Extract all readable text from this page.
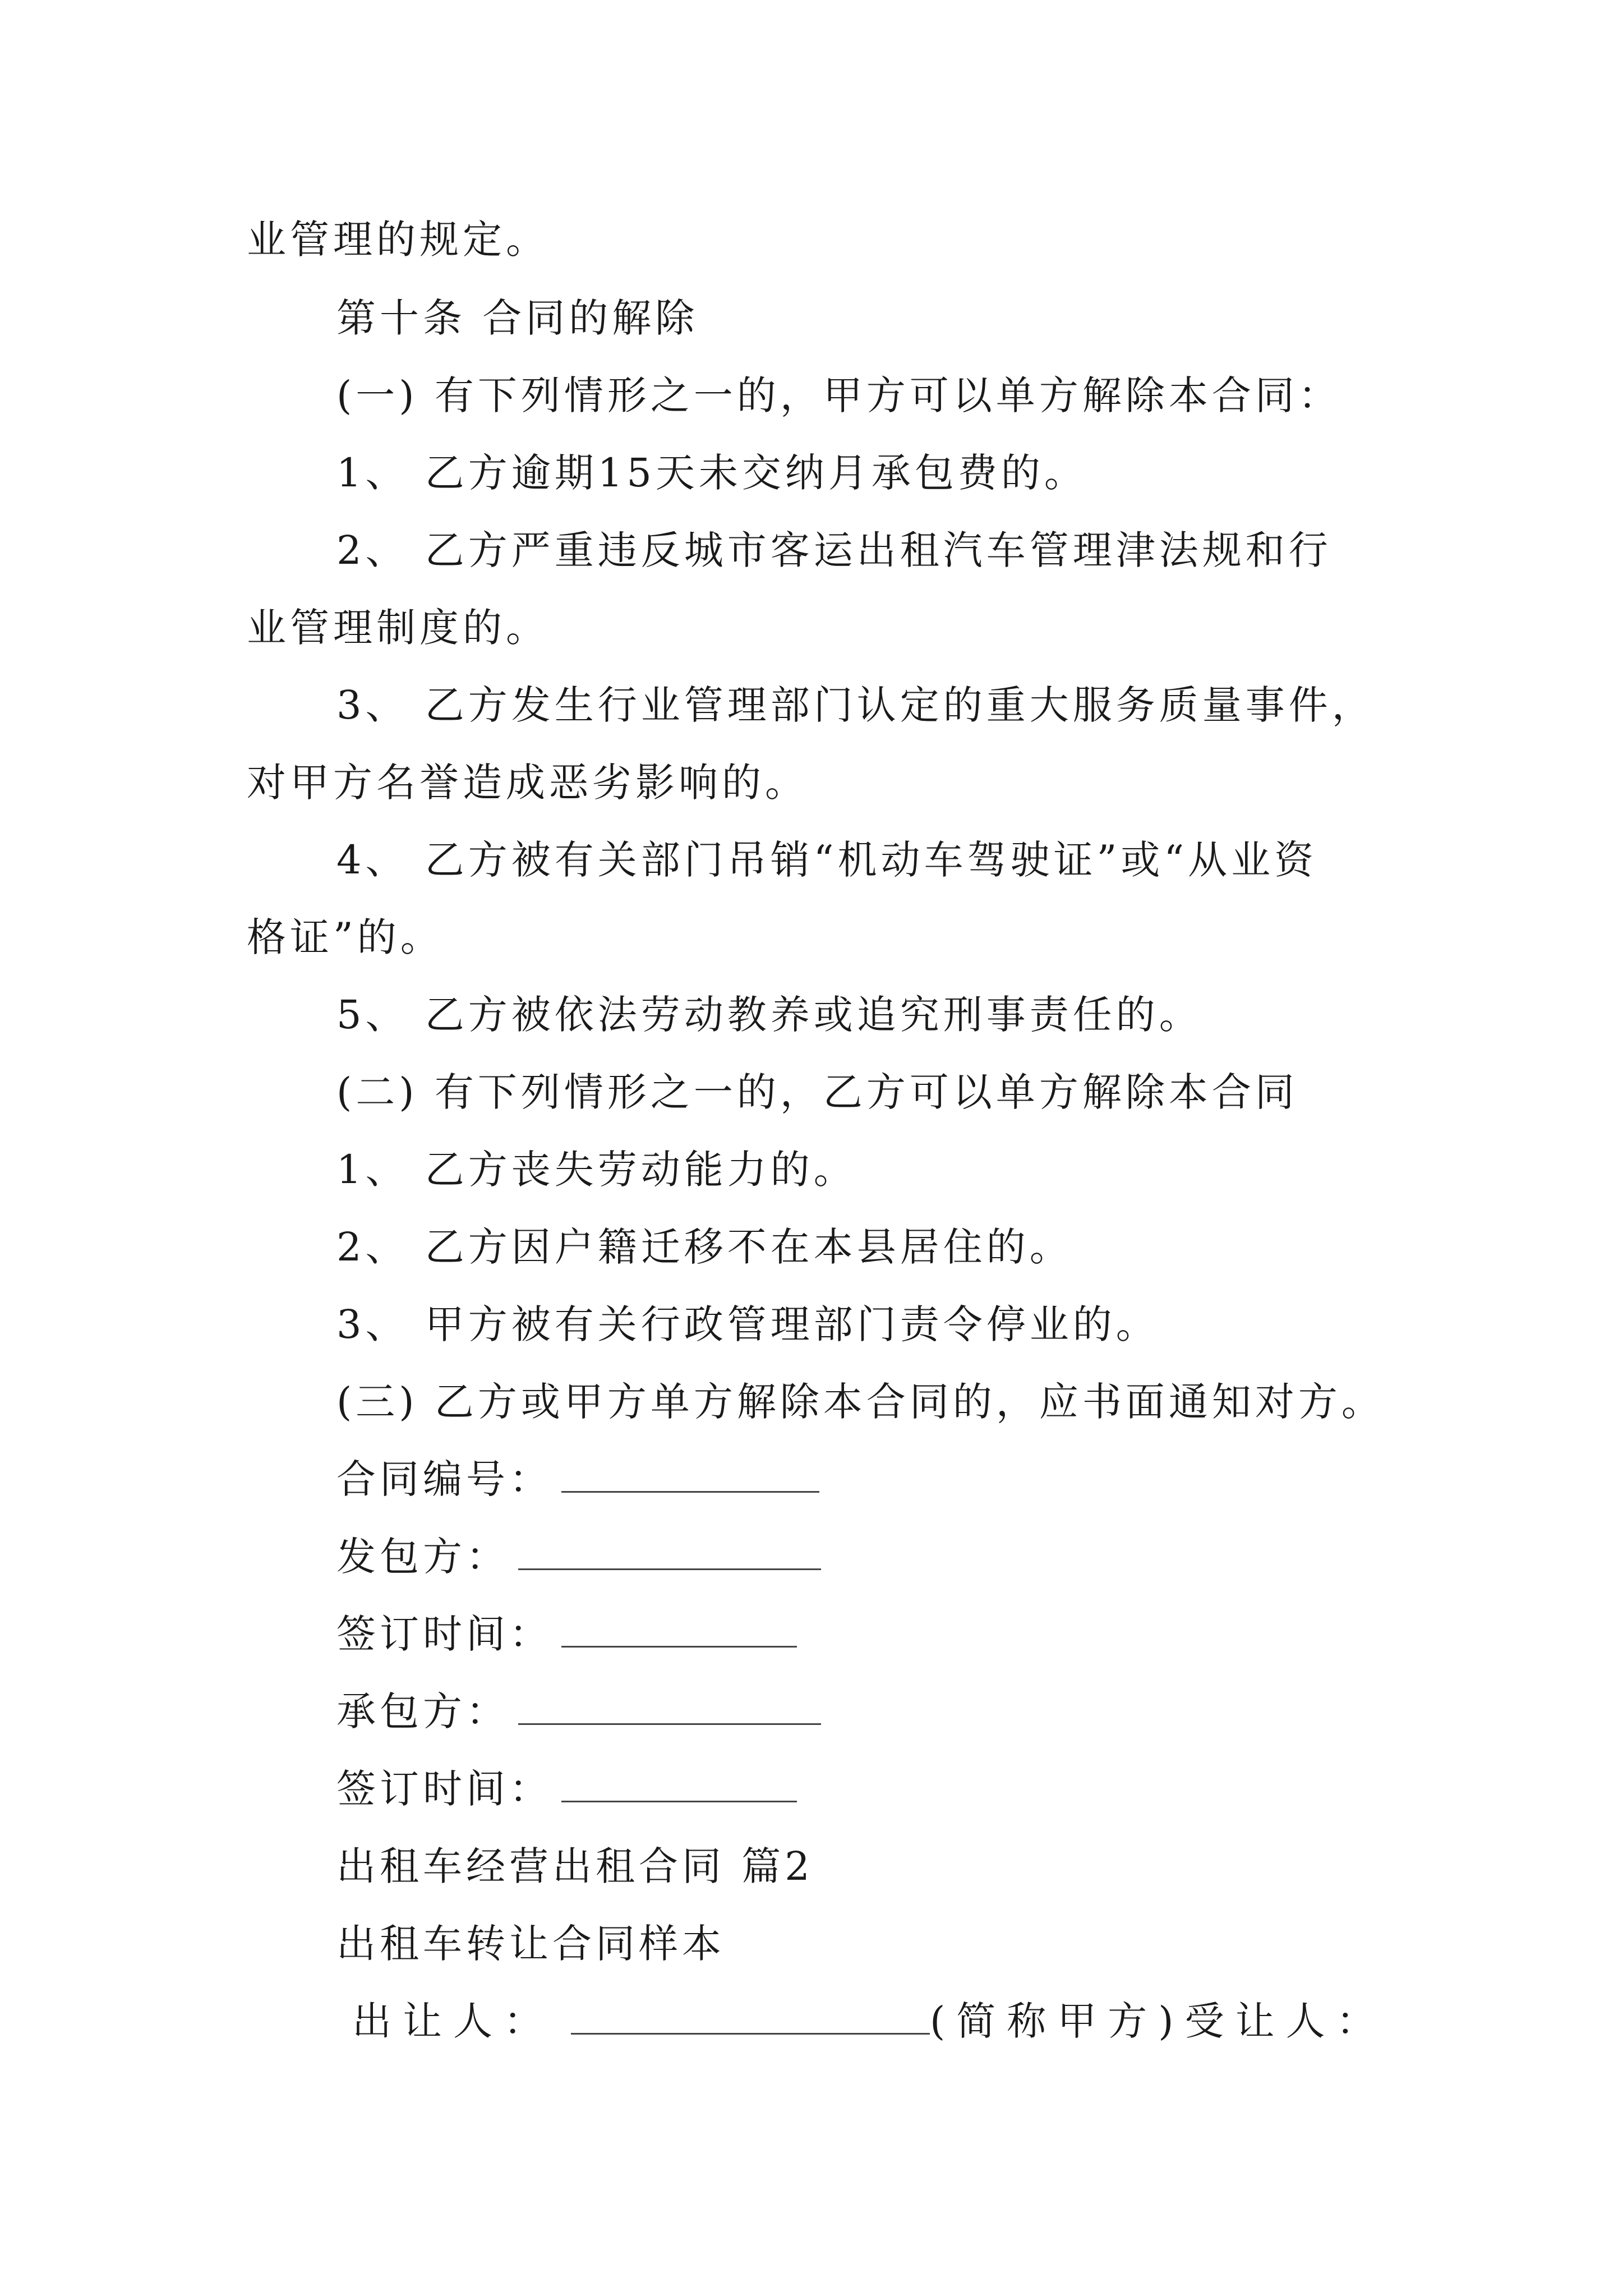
业管理的规定。
第十条 合同的解除
(一) 有下列情形之一的，甲方可以单方解除本合同：
1、 乙方逾期15天未交纳月承包费的。
2、 乙方严重违反城市客运出租汽车管理津法规和行
业管理制度的。
3、 乙方发生行业管理部门认定的重大服务质量事件，
对甲方名誉造成恶劣影响的。
4、 乙方被有关部门吊销“机动车驾驶证”或“从业资
格证”的。
5、 乙方被依法劳动教养或追究刑事责任的。
(二) 有下列情形之一的，乙方可以单方解除本合同
1、 乙方丧失劳动能力的。
2、 乙方因户籍迁移不在本县居住的。
3、 甲方被有关行政管理部门责令停业的。
(三) 乙方或甲方单方解除本合同的，应书面通知对方。
合同编号：
发包方：
签订时间：
承包方：
签订时间：
出租车经营出租合同 篇2
出租车转让合同样本
出让人：	(简称甲方)受让人：
